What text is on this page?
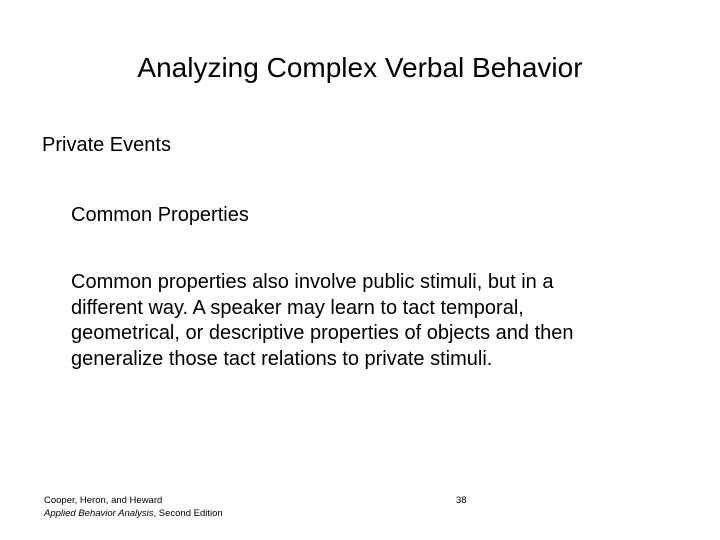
Analyzing Complex Verbal Behavior
Private Events
Common Properties
Common properties also involve public stimuli, but in a
different way. A speaker may learn to tact temporal,
geometrical, or descriptive properties of objects and then
generalize those tact relations to private stimuli.
Cooper, Heron, and Heward
Applied Behavior Analysis, Second Edition
38
